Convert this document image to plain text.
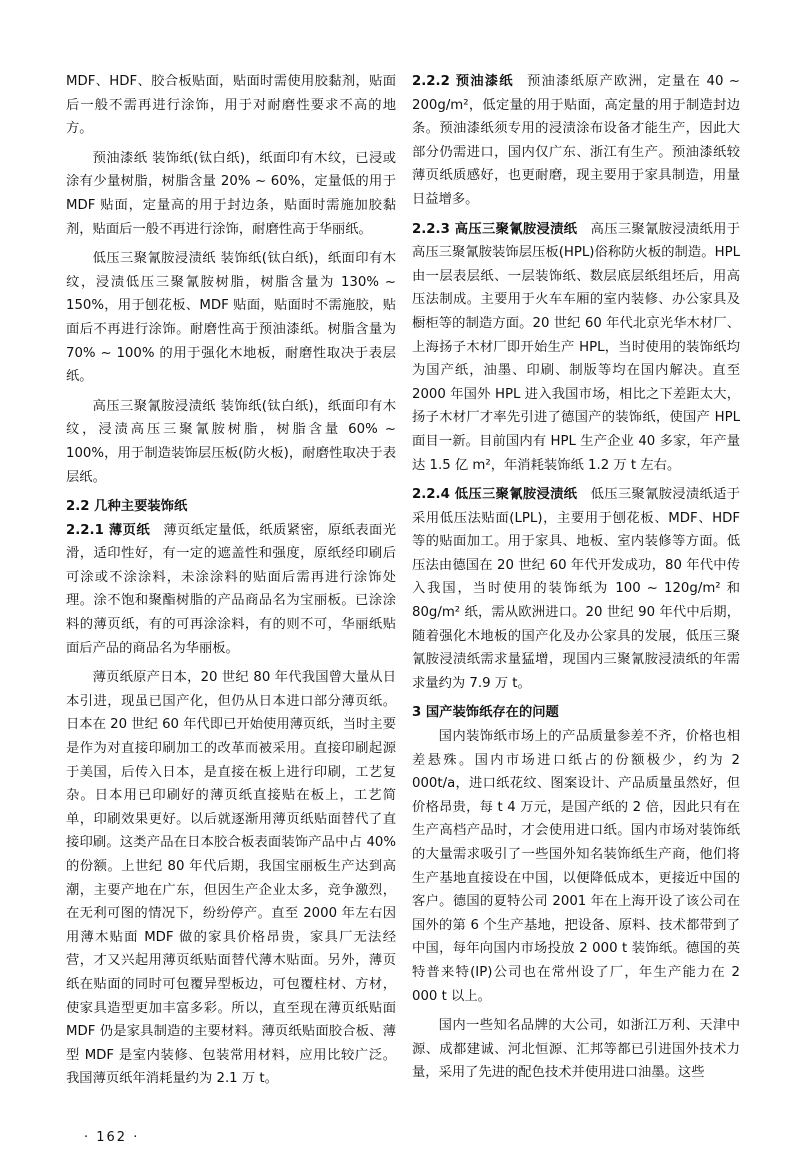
MDF、HDF、胶合板贴面，贴面时需使用胶黏剂，贴面后一般不需再进行涂饰，用于对耐磨性要求不高的地方。

预油漆纸 装饰纸(钛白纸)，纸面印有木纹，已浸或涂有少量树脂，树脂含量 20% ~ 60%，定量低的用于 MDF 贴面，定量高的用于封边条，贴面时需施加胶黏剂，贴面后一般不再进行涂饰，耐磨性高于华丽纸。

低压三聚氰胺浸渍纸 装饰纸(钛白纸)，纸面印有木纹，浸渍低压三聚氰胺树脂，树脂含量为 130% ~ 150%，用于刨花板、MDF 贴面，贴面时不需施胶，贴面后不再进行涂饰。耐磨性高于预油漆纸。树脂含量为 70% ~ 100% 的用于强化木地板，耐磨性取决于表层纸。

高压三聚氰胺浸渍纸 装饰纸(钛白纸)，纸面印有木纹，浸渍高压三聚氰胺树脂，树脂含量 60% ~ 100%，用于制造装饰层压板(防火板)，耐磨性取决于表层纸。

2.2 几种主要装饰纸

2.2.1 薄页纸 薄页纸定量低，纸质紧密，原纸表面光滑，适印性好，有一定的遮盖性和强度，原纸经印刷后可涂或不涂涂料，未涂涂料的贴面后需再进行涂饰处理。涂不饱和聚酯树脂的产品商品名为宝丽板。已涂涂料的薄页纸，有的可再涂涂料，有的则不可，华丽纸贴面后产品的商品名为华丽板。

薄页纸原产日本，20 世纪 80 年代我国曾大量从日本引进，现虽已国产化，但仍从日本进口部分薄页纸。日本在 20 世纪 60 年代即已开始使用薄页纸，当时主要是作为对直接印刷加工的改革而被采用。直接印刷起源于美国，后传入日本，是直接在板上进行印刷，工艺复杂。日本用已印刷好的薄页纸直接贴在板上，工艺简单，印刷效果更好。以后就逐渐用薄页纸贴面替代了直接印刷。这类产品在日本胶合板表面装饰产品中占 40% 的份额。上世纪 80 年代后期，我国宝丽板生产达到高潮，主要产地在广东，但因生产企业太多，竞争激烈，在无利可图的情况下，纷纷停产。直至 2000 年左右因用薄木贴面 MDF 做的家具价格昂贵，家具厂无法经营，才又兴起用薄页纸贴面替代薄木贴面。另外，薄页纸在贴面的同时可包覆异型板边，可包覆柱材、方材，使家具造型更加丰富多彩。所以，直至现在薄页纸贴面 MDF 仍是家具制造的主要材料。薄页纸贴面胶合板、薄型 MDF 是室内装修、包装常用材料，应用比较广泛。我国薄页纸年消耗量约为 2.1 万 t。

2.2.2 预油漆纸 预油漆纸原产欧洲，定量在 40 ~ 200g/m²，低定量的用于贴面，高定量的用于制造封边条。预油漆纸须专用的浸渍涂布设备才能生产，因此大部分仍需进口，国内仅广东、浙江有生产。预油漆纸较薄页纸质感好，也更耐磨，现主要用于家具制造，用量日益增多。

2.2.3 高压三聚氰胺浸渍纸 高压三聚氰胺浸渍纸用于高压三聚氰胺装饰层压板(HPL)俗称防火板的制造。HPL 由一层表层纸、一层装饰纸、数层底层纸组坯后，用高压法制成。主要用于火车车厢的室内装修、办公家具及橱柜等的制造方面。20 世纪 60 年代北京光华木材厂、上海扬子木材厂即开始生产 HPL，当时使用的装饰纸均为国产纸，油墨、印刷、制版等均在国内解决。直至 2000 年国外 HPL 进入我国市场，相比之下差距太大，扬子木材厂才率先引进了德国产的装饰纸，使国产 HPL 面目一新。目前国内有 HPL 生产企业 40 多家，年产量达 1.5 亿 m²，年消耗装饰纸 1.2 万 t 左右。

2.2.4 低压三聚氰胺浸渍纸 低压三聚氰胺浸渍纸适于采用低压法贴面(LPL)，主要用于刨花板、MDF、HDF 等的贴面加工。用于家具、地板、室内装修等方面。低压法由德国在 20 世纪 60 年代开发成功，80 年代中传入我国，当时使用的装饰纸为 100 ~ 120g/m² 和 80g/m² 纸，需从欧洲进口。20 世纪 90 年代中后期，随着强化木地板的国产化及办公家具的发展，低压三聚氰胺浸渍纸需求量猛增，现国内三聚氰胺浸渍纸的年需求量约为 7.9 万 t。

3 国产装饰纸存在的问题

国内装饰纸市场上的产品质量参差不齐，价格也相差悬殊。国内市场进口纸占的份额极少，约为 2 000t/a，进口纸花纹、图案设计、产品质量虽然好，但价格昂贵，每 t 4 万元，是国产纸的 2 倍，因此只有在生产高档产品时，才会使用进口纸。国内市场对装饰纸的大量需求吸引了一些国外知名装饰纸生产商，他们将生产基地直接设在中国，以便降低成本，更接近中国的客户。德国的夏特公司 2001 年在上海开设了该公司在国外的第 6 个生产基地，把设备、原料、技术都带到了中国，每年向国内市场投放 2 000 t 装饰纸。德国的英特普来特(IP)公司也在常州设了厂，年生产能力在 2 000 t 以上。

国内一些知名品牌的大公司，如浙江万利、天津中源、成都建诚、河北恒源、汇邦等都已引进国外技术力量，采用了先进的配色技术并使用进口油墨。这些

· 162 ·
